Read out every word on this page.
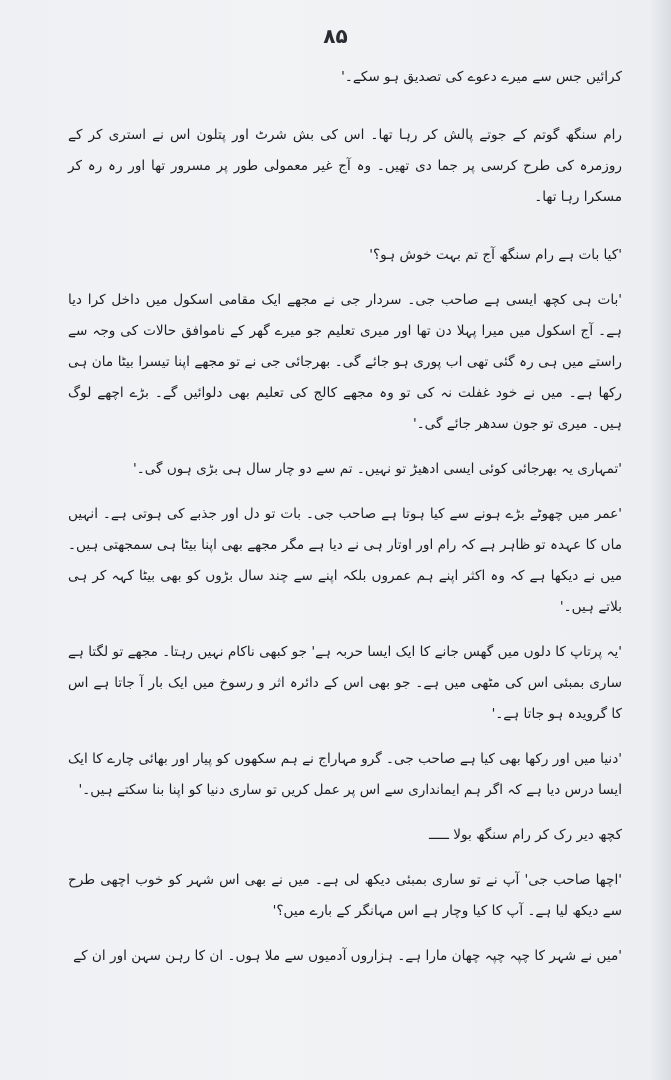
۸۵

کرائیں جس سے میرے دعوے کی تصدیق ہو سکے۔'

رام سنگھ گوتم کے جوتے پالش کر رہا تھا۔ اس کی بش شرٹ اور پتلون اس نے استری کر کے روزمرہ کی طرح کرسی پر جما دی تھیں۔ وہ آج غیر معمولی طور پر مسرور تھا اور رہ رہ کر مسکرا رہا تھا۔

'کیا بات ہے رام سنگھ آج تم بہت خوش ہو؟'

'بات ہی کچھ ایسی ہے صاحب جی۔ سردار جی نے مجھے ایک مقامی اسکول میں داخل کرا دیا ہے۔ آج اسکول میں میرا پہلا دن تھا اور میری تعلیم جو میرے گھر کے ناموافق حالات کی وجہ سے راستے میں ہی رہ گئی تھی اب پوری ہو جائے گی۔ بھرجائی جی نے تو مجھے اپنا تیسرا بیٹا مان ہی رکھا ہے۔ میں نے خود غفلت نہ کی تو وہ مجھے کالج کی تعلیم بھی دلوائیں گے۔ بڑے اچھے لوگ ہیں۔ میری تو جون سدھر جائے گی۔'

'تمہاری یہ بھرجائی کوئی ایسی ادھیڑ تو نہیں۔ تم سے دو چار سال ہی بڑی ہوں گی۔'

'عمر میں چھوٹے بڑے ہونے سے کیا ہوتا ہے صاحب جی۔ بات تو دل اور جذبے کی ہوتی ہے۔ انہیں ماں کا عہدہ تو ظاہر ہے کہ رام اور اوتار ہی نے دیا ہے مگر مجھے بھی اپنا بیٹا ہی سمجھتی ہیں۔ میں نے دیکھا ہے کہ وہ اکثر اپنے ہم عمروں بلکہ اپنے سے چند سال بڑوں کو بھی بیٹا کہہ کر ہی بلاتے ہیں۔'

'یہ پرتاپ کا دلوں میں گھس جانے کا ایک ایسا حربہ ہے' جو کبھی ناکام نہیں رہتا۔ مجھے تو لگتا ہے ساری بمبئی اس کی مٹھی میں ہے۔ جو بھی اس کے دائرہ اثر و رسوخ میں ایک بار آ جاتا ہے اس کا گرویدہ ہو جاتا ہے۔'

'دنیا میں اور رکھا بھی کیا ہے صاحب جی۔ گرو مہاراج نے ہم سکھوں کو پیار اور بھائی چارے کا ایک ایسا درس دیا ہے کہ اگر ہم ایمانداری سے اس پر عمل کریں تو ساری دنیا کو اپنا بنا سکتے ہیں۔'

کچھ دیر رک کر رام سنگھ بولا ـــــ

'اچھا صاحب جی' آپ نے تو ساری بمبئی دیکھ لی ہے۔ میں نے بھی اس شہر کو خوب اچھی طرح سے دیکھ لیا ہے۔ آپ کا کیا وچار ہے اس مہانگر کے بارے میں؟'

'میں نے شہر کا چپہ چپہ چھان مارا ہے۔ ہزاروں آدمیوں سے ملا ہوں۔ ان کا رہن سہن اور ان کے
